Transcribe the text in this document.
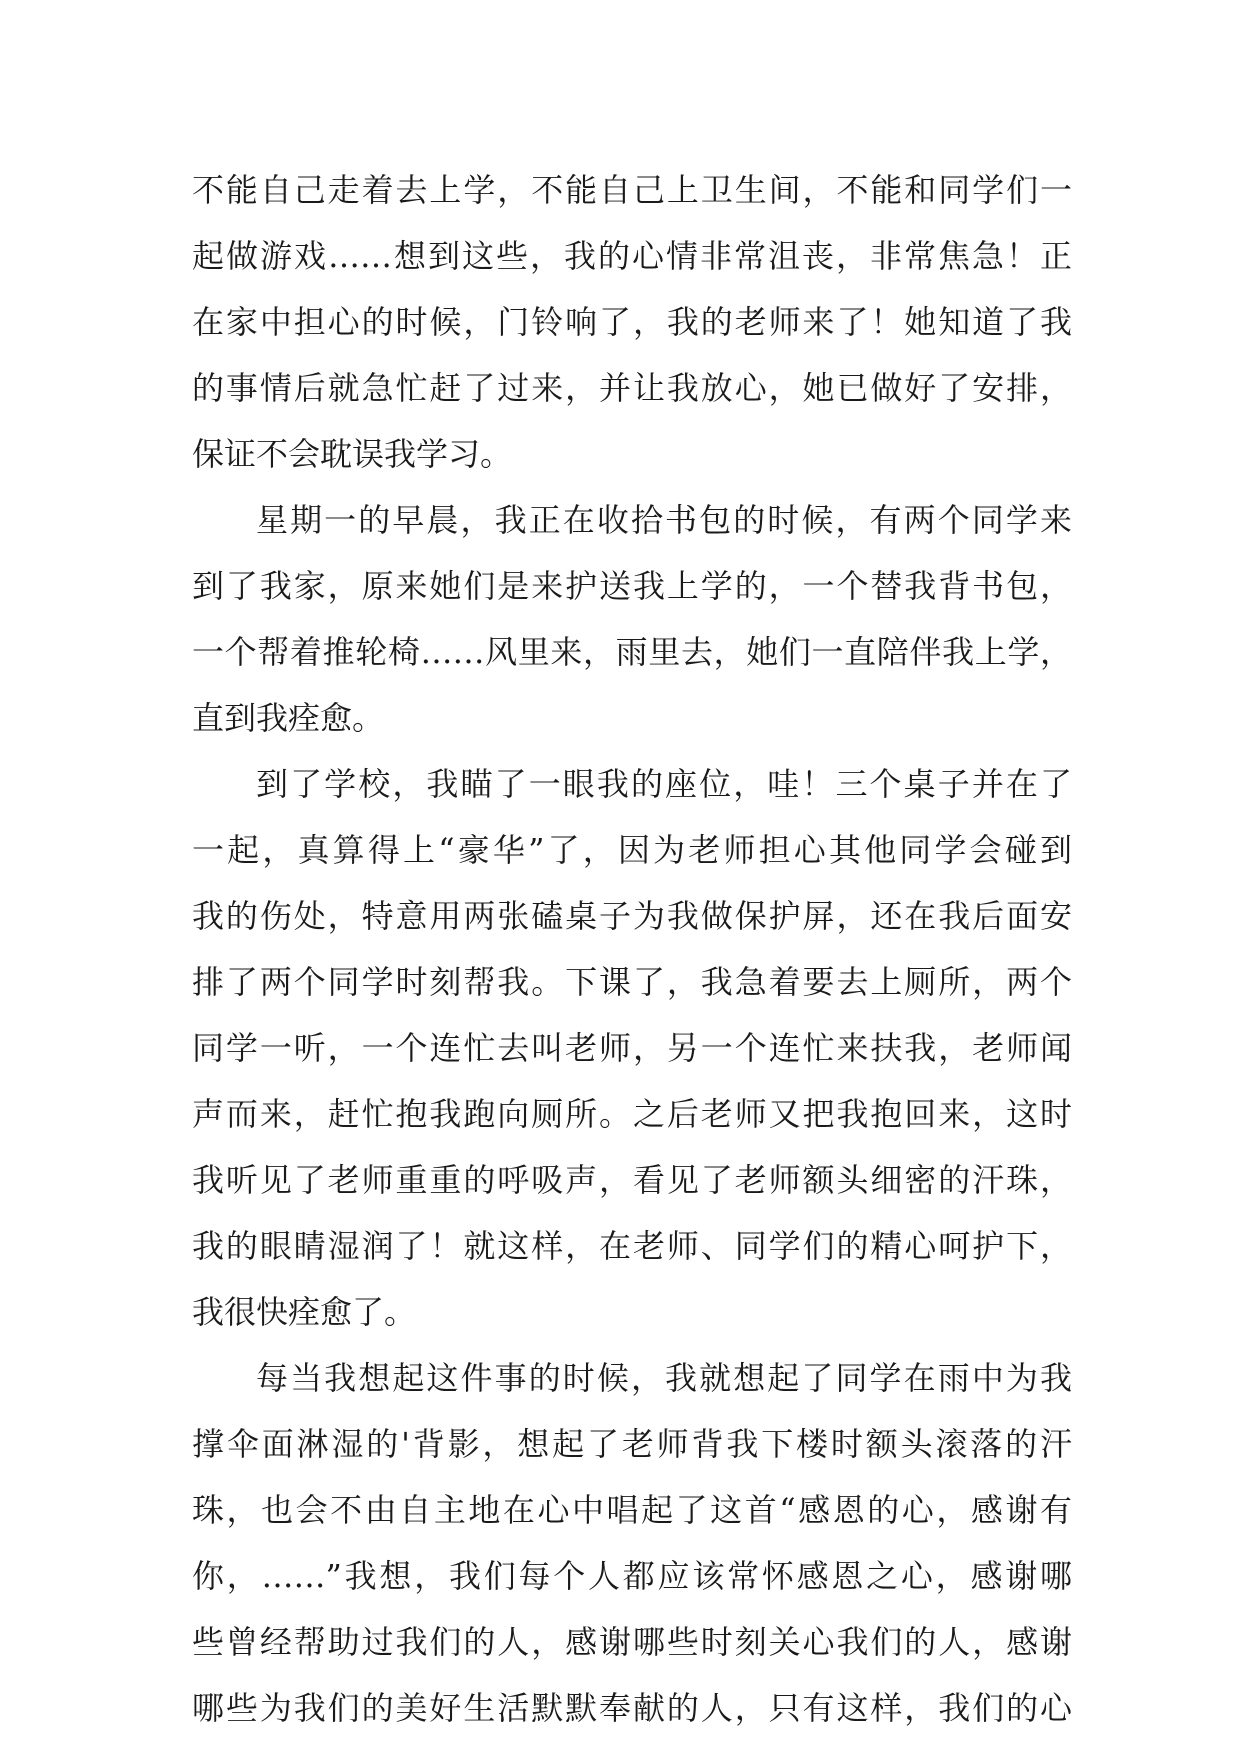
不能自己走着去上学，不能自己上卫生间，不能和同学们一
起做游戏……想到这些，我的心情非常沮丧，非常焦急！正
在家中担心的时候，门铃响了，我的老师来了！她知道了我
的事情后就急忙赶了过来，并让我放心，她已做好了安排，
保证不会耽误我学习。
星期一的早晨，我正在收拾书包的时候，有两个同学来
到了我家，原来她们是来护送我上学的，一个替我背书包，
一个帮着推轮椅……风里来，雨里去，她们一直陪伴我上学，
直到我痊愈。
到了学校，我瞄了一眼我的座位，哇！三个桌子并在了
一起，真算得上“豪华”了，因为老师担心其他同学会碰到
我的伤处，特意用两张磕桌子为我做保护屏，还在我后面安
排了两个同学时刻帮我。下课了，我急着要去上厕所，两个
同学一听，一个连忙去叫老师，另一个连忙来扶我，老师闻
声而来，赶忙抱我跑向厕所。之后老师又把我抱回来，这时
我听见了老师重重的呼吸声，看见了老师额头细密的汗珠，
我的眼睛湿润了！就这样，在老师、同学们的精心呵护下，
我很快痊愈了。
每当我想起这件事的时候，我就想起了同学在雨中为我
撑伞面淋湿的'背影，想起了老师背我下楼时额头滚落的汗
珠，也会不由自主地在心中唱起了这首“感恩的心，感谢有
你，……”我想，我们每个人都应该常怀感恩之心，感谢哪
些曾经帮助过我们的人，感谢哪些时刻关心我们的人，感谢
哪些为我们的美好生活默默奉献的人，只有这样，我们的心
